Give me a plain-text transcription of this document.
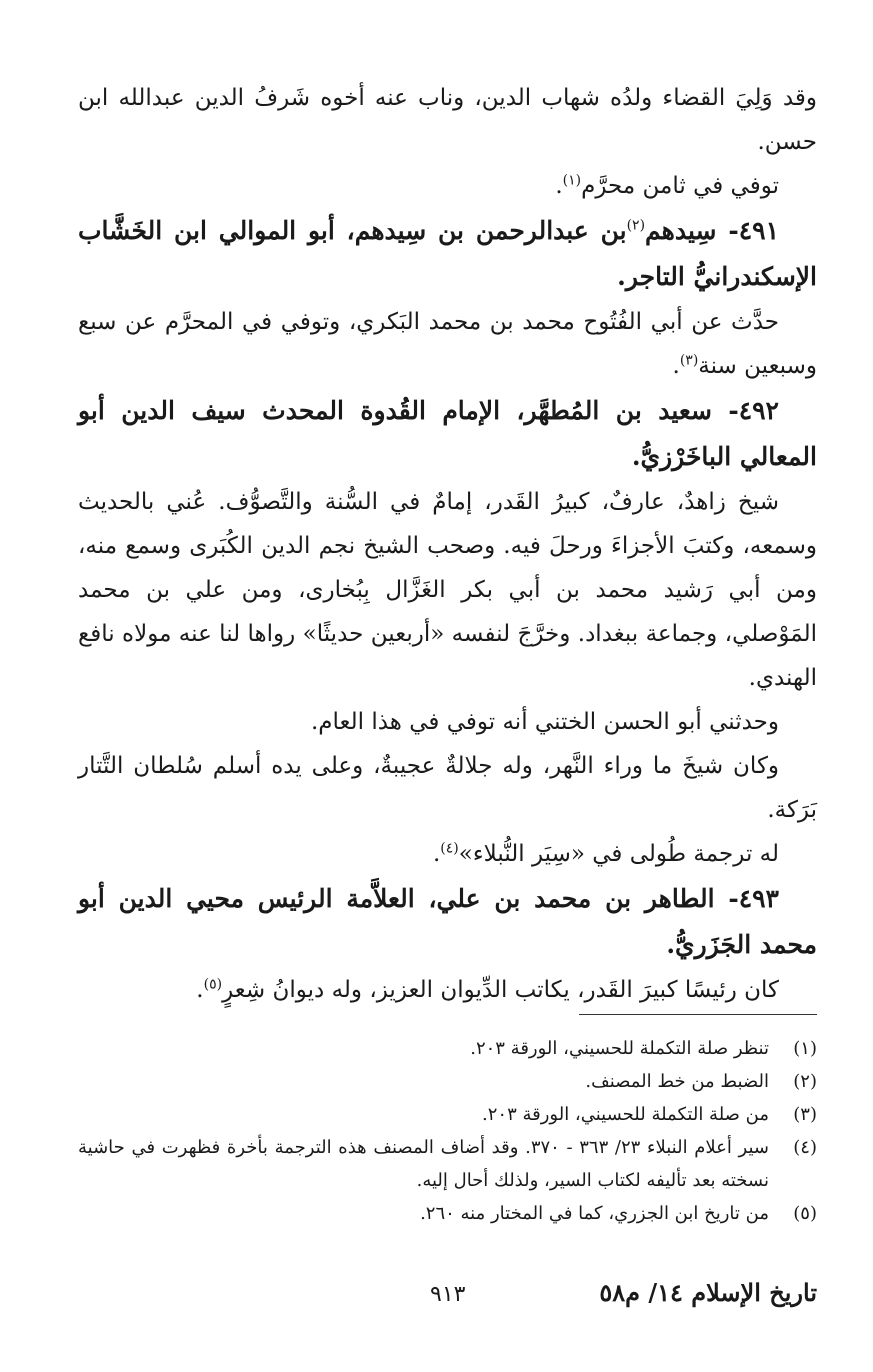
وقد وَلِيَ القضاء ولدُه شهاب الدين، وناب عنه أخوه شَرفُ الدين عبدالله ابن حسن.

توفي في ثامن محرَّم$^{(١)}$.

٤٩١- سِيدهم$^{(٢)}$بن عبدالرحمن بن سِيدهم، أبو الموالي ابن الخَشَّاب الإسكندرانيُّ التاجر.

حدَّث عن أبي الفُتُوح محمد بن محمد البَكري، وتوفي في المحرَّم عن سبع وسبعين سنة$^{(٣)}$.

٤٩٢- سعيد بن المُطهَّر، الإمام القُدوة المحدث سيف الدين أبو المعالي الباخَرْزيُّ.

شيخ زاهدٌ، عارفٌ، كبيرُ القَدر، إمامٌ في السُّنة والتَّصوُّف. عُني بالحديث وسمعه، وكتبَ الأجزاءَ ورحلَ فيه. وصحب الشيخ نجم الدين الكُبَرى وسمع منه، ومن أبي رَشيد محمد بن أبي بكر الغَزَّال بِبُخارى، ومن علي بن محمد المَوْصلي، وجماعة ببغداد. وخرَّجَ لنفسه «أربعين حديثًا» رواها لنا عنه مولاه نافع الهندي.

وحدثني أبو الحسن الختني أنه توفي في هذا العام.

وكان شيخَ ما وراء النَّهر، وله جلالةٌ عجيبةٌ، وعلى يده أسلم سُلطان التَّتار بَرَكة.

له ترجمة طُولى في «سِيَر النُّبلاء»$^{(٤)}$.

٤٩٣- الطاهر بن محمد بن علي، العلاَّمة الرئيس محيي الدين أبو محمد الجَزَريُّ.

كان رئيسًا كبيرَ القَدر، يكاتب الدِّيوان العزيز، وله ديوانُ شِعرٍ$^{(٥)}$.

(١)
تنظر صلة التكملة للحسيني، الورقة ٢٠٣.
(٢)
الضبط من خط المصنف.
(٣)
من صلة التكملة للحسيني، الورقة ٢٠٣.
(٤)
سير أعلام النبلاء ٢٣/ ٣٦٣ - ٣٧٠. وقد أضاف المصنف هذه الترجمة بأخرة فظهرت في حاشية نسخته بعد تأليفه لكتاب السير، ولذلك أحال إليه.
(٥)
من تاريخ ابن الجزري، كما في المختار منه ٢٦٠.
تاريخ الإسلام ١٤/ م٥٨
٩١٣
